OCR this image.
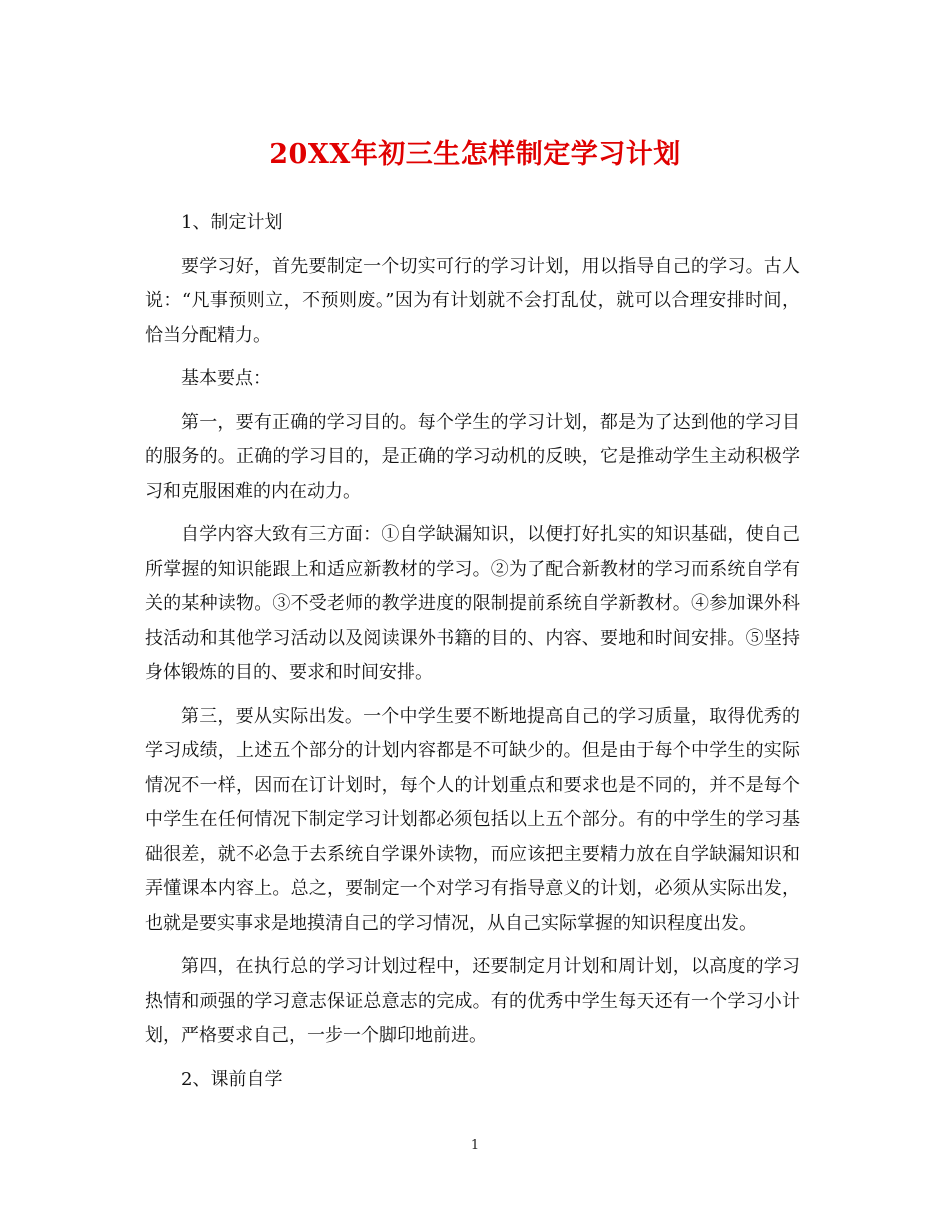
20XX年初三生怎样制定学习计划

1、制定计划

要学习好，首先要制定一个切实可行的学习计划，用以指导自己的学习。古人说：“凡事预则立，不预则废。”因为有计划就不会打乱仗，就可以合理安排时间，恰当分配精力。

基本要点：

第一，要有正确的学习目的。每个学生的学习计划，都是为了达到他的学习目的服务的。正确的学习目的，是正确的学习动机的反映，它是推动学生主动积极学习和克服困难的内在动力。

自学内容大致有三方面：①自学缺漏知识，以便打好扎实的知识基础，使自己所掌握的知识能跟上和适应新教材的学习。②为了配合新教材的学习而系统自学有关的某种读物。③不受老师的教学进度的限制提前系统自学新教材。④参加课外科技活动和其他学习活动以及阅读课外书籍的目的、内容、要地和时间安排。⑤坚持身体锻炼的目的、要求和时间安排。

第三，要从实际出发。一个中学生要不断地提高自己的学习质量，取得优秀的学习成绩，上述五个部分的计划内容都是不可缺少的。但是由于每个中学生的实际情况不一样，因而在订计划时，每个人的计划重点和要求也是不同的，并不是每个中学生在任何情况下制定学习计划都必须包括以上五个部分。有的中学生的学习基础很差，就不必急于去系统自学课外读物，而应该把主要精力放在自学缺漏知识和弄懂课本内容上。总之，要制定一个对学习有指导意义的计划，必须从实际出发，也就是要实事求是地摸清自己的学习情况，从自己实际掌握的知识程度出发。

第四，在执行总的学习计划过程中，还要制定月计划和周计划，以高度的学习热情和顽强的学习意志保证总意志的完成。有的优秀中学生每天还有一个学习小计划，严格要求自己，一步一个脚印地前进。

2、课前自学

1
